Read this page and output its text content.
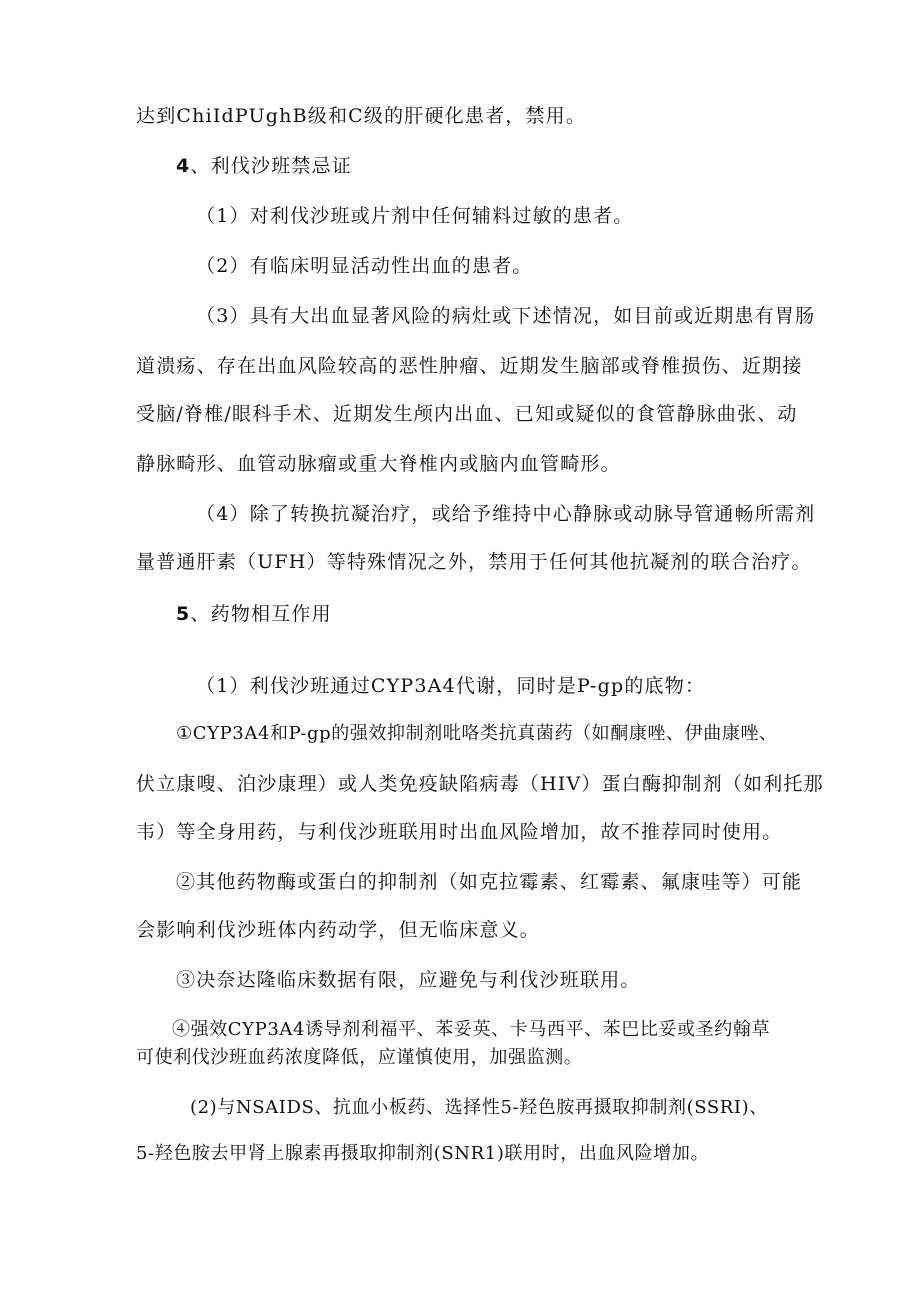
达到ChiIdPUghB级和C级的肝硬化患者，禁用。
4、利伐沙班禁忌证
（1）对利伐沙班或片剂中任何辅料过敏的患者。
（2）有临床明显活动性出血的患者。
（3）具有大出血显著风险的病灶或下述情况，如目前或近期患有胃肠
道溃疡、存在出血风险较高的恶性肿瘤、近期发生脑部或脊椎损伤、近期接
受脑/脊椎/眼科手术、近期发生颅内出血、已知或疑似的食管静脉曲张、动
静脉畸形、血管动脉瘤或重大脊椎内或脑内血管畸形。
（4）除了转换抗凝治疗，或给予维持中心静脉或动脉导管通畅所需剂
量普通肝素（UFH）等特殊情况之外，禁用于任何其他抗凝剂的联合治疗。
5、药物相互作用
（1）利伐沙班通过CYP3A4代谢，同时是P-gp的底物：
①CYP3A4和P-gp的强效抑制剂吡咯类抗真菌药（如酮康唑、伊曲康唑、
伏立康嗖、泊沙康理）或人类免疫缺陷病毒（HIV）蛋白酶抑制剂（如利托那
韦）等全身用药，与利伐沙班联用时出血风险增加，故不推荐同时使用。
②其他药物酶或蛋白的抑制剂（如克拉霉素、红霉素、氟康哇等）可能
会影响利伐沙班体内药动学，但无临床意义。
③决奈达隆临床数据有限，应避免与利伐沙班联用。
④强效CYP3A4诱导剂利福平、苯妥英、卡马西平、苯巴比妥或圣约翰草
可使利伐沙班血药浓度降低，应谨慎使用，加强监测。
(2)与NSAIDS、抗血小板药、选择性5-羟色胺再摄取抑制剂(SSRI)、
5-羟色胺去甲肾上腺素再摄取抑制剂(SNR1)联用时，出血风险增加。
